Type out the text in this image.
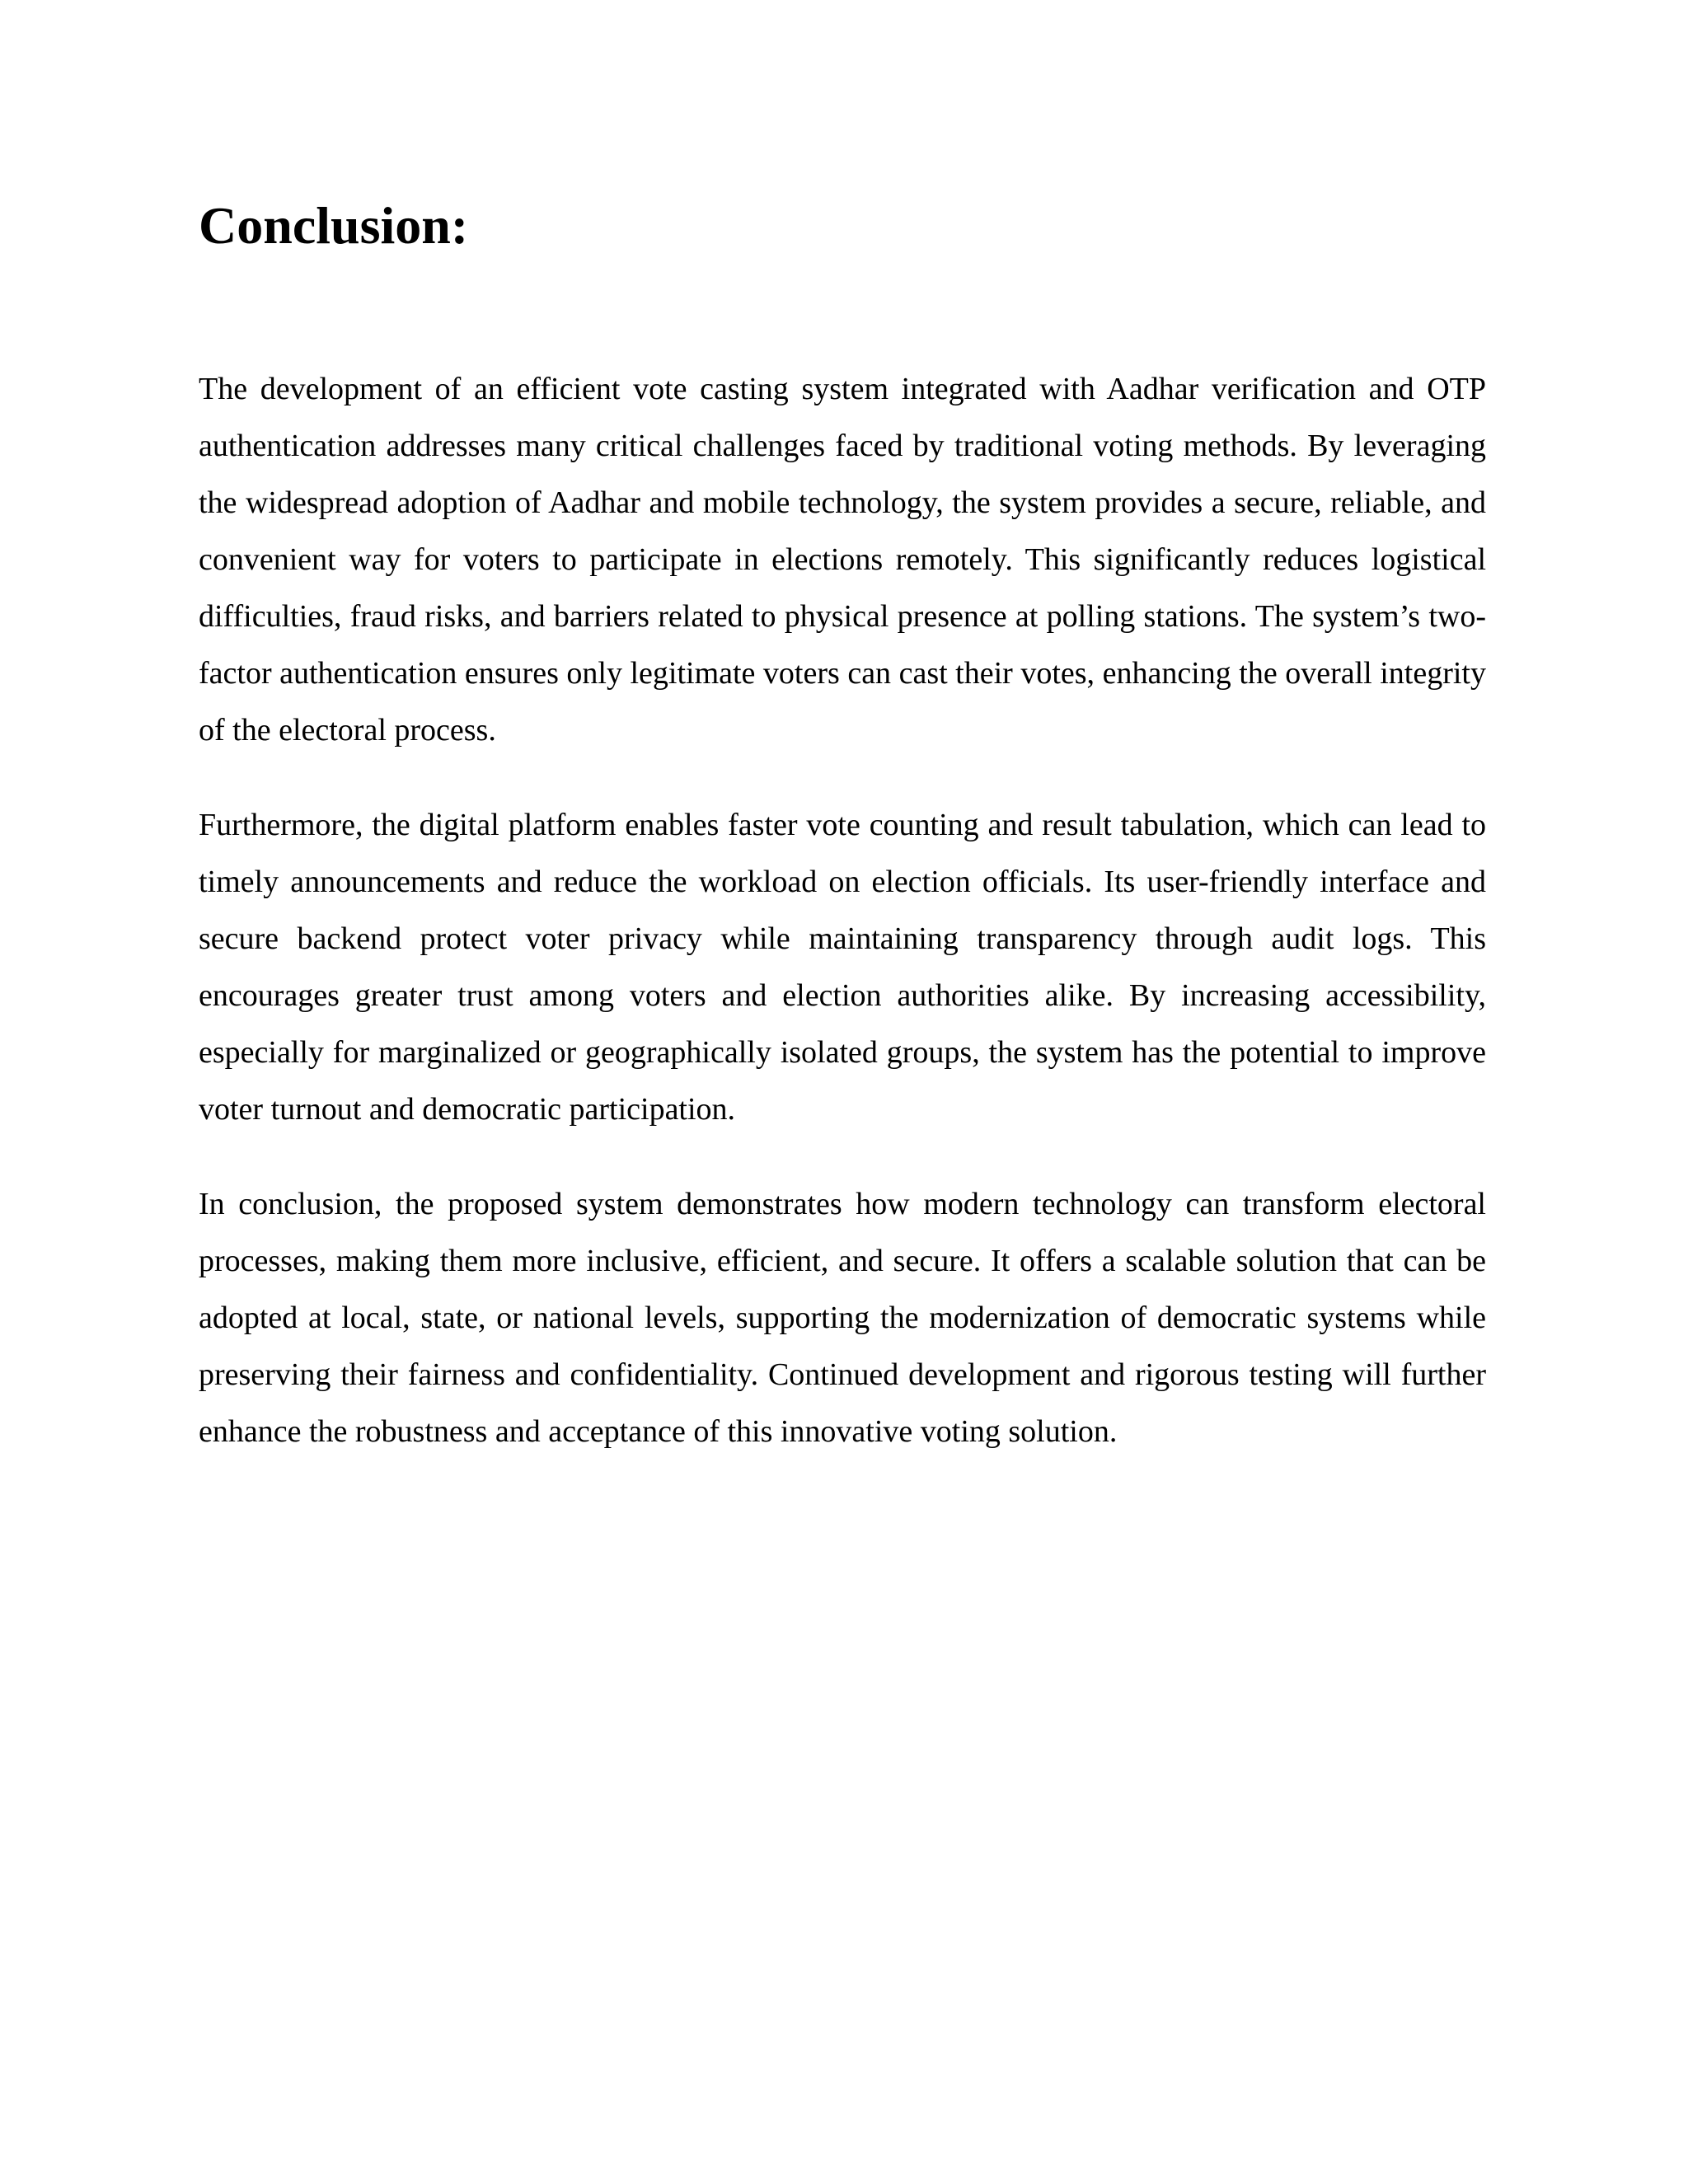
Conclusion:

The development of an efficient vote casting system integrated with Aadhar verification and OTP authentication addresses many critical challenges faced by traditional voting methods. By leveraging the widespread adoption of Aadhar and mobile technology, the system provides a secure, reliable, and convenient way for voters to participate in elections remotely. This significantly reduces logistical difficulties, fraud risks, and barriers related to physical presence at polling stations. The system’s two-factor authentication ensures only legitimate voters can cast their votes, enhancing the overall integrity of the electoral process.

Furthermore, the digital platform enables faster vote counting and result tabulation, which can lead to timely announcements and reduce the workload on election officials. Its user-friendly interface and secure backend protect voter privacy while maintaining transparency through audit logs. This encourages greater trust among voters and election authorities alike. By increasing accessibility, especially for marginalized or geographically isolated groups, the system has the potential to improve voter turnout and democratic participation.

In conclusion, the proposed system demonstrates how modern technology can transform electoral processes, making them more inclusive, efficient, and secure. It offers a scalable solution that can be adopted at local, state, or national levels, supporting the modernization of democratic systems while preserving their fairness and confidentiality. Continued development and rigorous testing will further enhance the robustness and acceptance of this innovative voting solution.
